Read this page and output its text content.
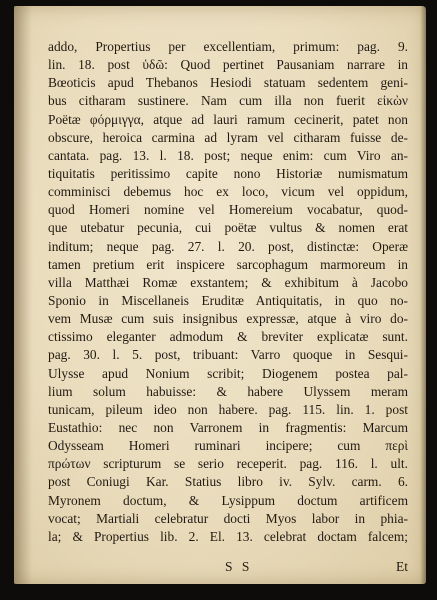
addo, Propertius per excellentiam, primum: pag. 9.
lin. 18. post ὑδῶ: Quod pertinet Pausaniam narrare in
Bœoticis apud Thebanos Hesiodi statuam sedentem geni-
bus citharam sustinere. Nam cum illa non fuerit εἰκὼν
Poëtæ φόρμιγγα, atque ad lauri ramum cecinerit, patet non
obscure, heroica carmina ad lyram vel citharam fuisse de-
cantata. pag. 13. l. 18. post; neque enim: cum Viro an-
tiquitatis peritissimo capite nono Historiæ numismatum
comminisci debemus hoc ex loco, vicum vel oppidum,
quod Homeri nomine vel Homereium vocabatur, quod-
que utebatur pecunia, cui poëtæ vultus & nomen erat
inditum; neque pag. 27. l. 20. post, distinctæ: Operæ
tamen pretium erit inspicere sarcophagum marmoreum in
villa Matthæi Romæ exstantem; & exhibitum à Jacobo
Sponio in Miscellaneis Eruditæ Antiquitatis, in quo no-
vem Musæ cum suis insignibus expressæ, atque à viro do-
ctissimo eleganter admodum & breviter explicatæ sunt.
pag. 30. l. 5. post, tribuant: Varro quoque in Sesqui-
Ulysse apud Nonium scribit; Diogenem postea pal-
lium solum habuisse: & habere Ulyssem meram
tunicam, pileum ideo non habere. pag. 115. lin. 1. post
Eustathio: nec non Varronem in fragmentis: Marcum
Odysseam Homeri ruminari incipere; cum περὶ
πρώτων scripturum se serio receperit. pag. 116. l. ult.
post Coniugi Kar. Statius libro iv. Sylv. carm. 6.
Myronem doctum, & Lysippum doctum artificem
vocat; Martiali celebratur docti Myos labor in phia-
la; & Propertius lib. 2. El. 13. celebrat doctam falcem;
S S	Et
